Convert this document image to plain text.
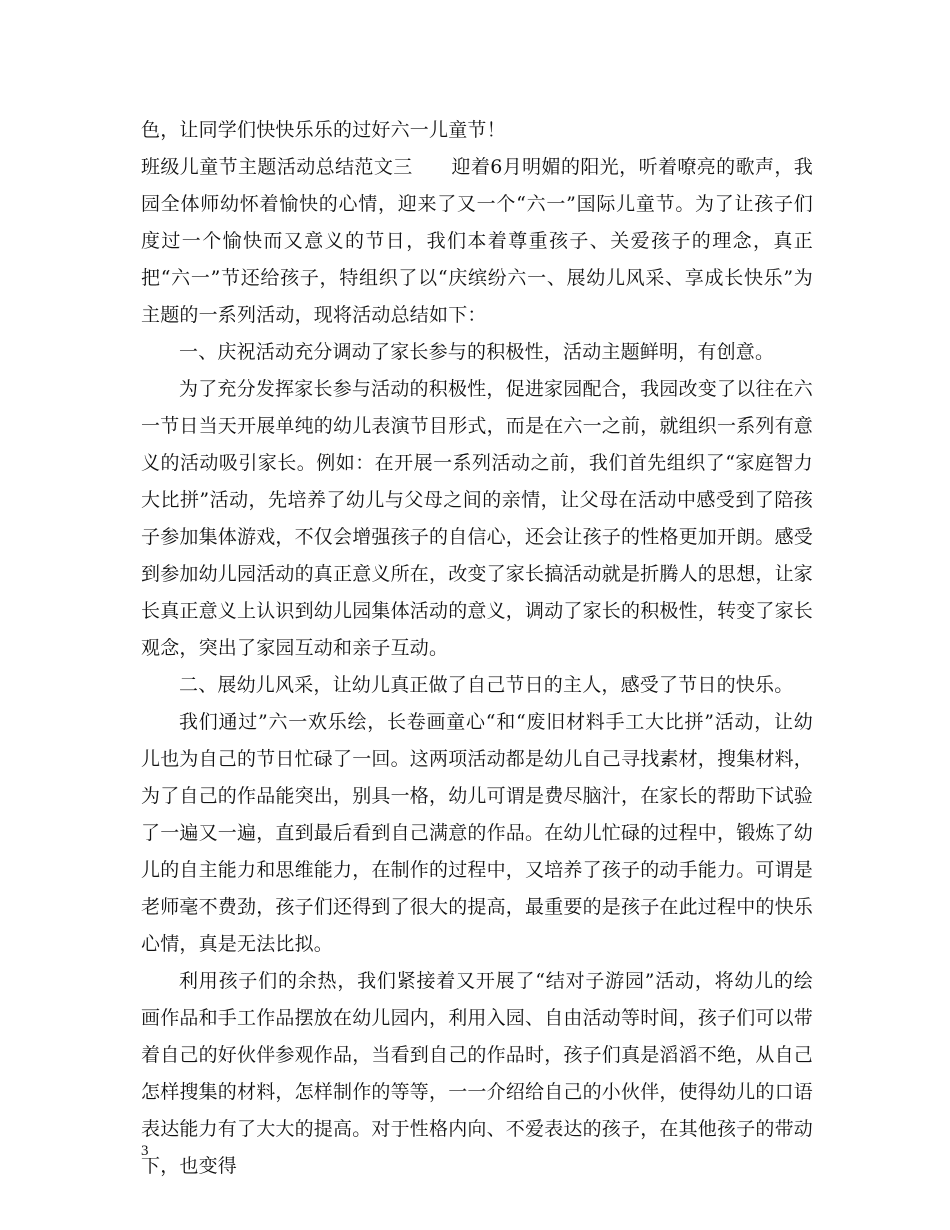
色，让同学们快快乐乐的过好六一儿童节！

班级儿童节主题活动总结范文三　　迎着6月明媚的阳光，听着嘹亮的歌声，我园全体师幼怀着愉快的心情，迎来了又一个“六一”国际儿童节。为了让孩子们度过一个愉快而又意义的节日，我们本着尊重孩子、关爱孩子的理念，真正把“六一”节还给孩子，特组织了以“庆缤纷六一、展幼儿风采、享成长快乐”为主题的一系列活动，现将活动总结如下：

一、庆祝活动充分调动了家长参与的积极性，活动主题鲜明，有创意。

为了充分发挥家长参与活动的积极性，促进家园配合，我园改变了以往在六一节日当天开展单纯的幼儿表演节目形式，而是在六一之前，就组织一系列有意义的活动吸引家长。例如：在开展一系列活动之前，我们首先组织了“家庭智力大比拼”活动，先培养了幼儿与父母之间的亲情，让父母在活动中感受到了陪孩子参加集体游戏，不仅会增强孩子的自信心，还会让孩子的性格更加开朗。感受到参加幼儿园活动的真正意义所在，改变了家长搞活动就是折腾人的思想，让家长真正意义上认识到幼儿园集体活动的意义，调动了家长的积极性，转变了家长观念，突出了家园互动和亲子互动。

二、展幼儿风采，让幼儿真正做了自己节日的主人，感受了节日的快乐。

我们通过”六一欢乐绘，长卷画童心“和“废旧材料手工大比拼”活动，让幼儿也为自己的节日忙碌了一回。这两项活动都是幼儿自己寻找素材，搜集材料，为了自己的作品能突出，别具一格，幼儿可谓是费尽脑汁，在家长的帮助下试验了一遍又一遍，直到最后看到自己满意的作品。在幼儿忙碌的过程中，锻炼了幼儿的自主能力和思维能力，在制作的过程中，又培养了孩子的动手能力。可谓是老师毫不费劲，孩子们还得到了很大的提高，最重要的是孩子在此过程中的快乐心情，真是无法比拟。

利用孩子们的余热，我们紧接着又开展了“结对子游园”活动，将幼儿的绘画作品和手工作品摆放在幼儿园内，利用入园、自由活动等时间，孩子们可以带着自己的好伙伴参观作品，当看到自己的作品时，孩子们真是滔滔不绝，从自己怎样搜集的材料，怎样制作的等等，一一介绍给自己的小伙伴，使得幼儿的口语表达能力有了大大的提高。对于性格内向、不爱表达的孩子，在其他孩子的带动下，也变得

3
